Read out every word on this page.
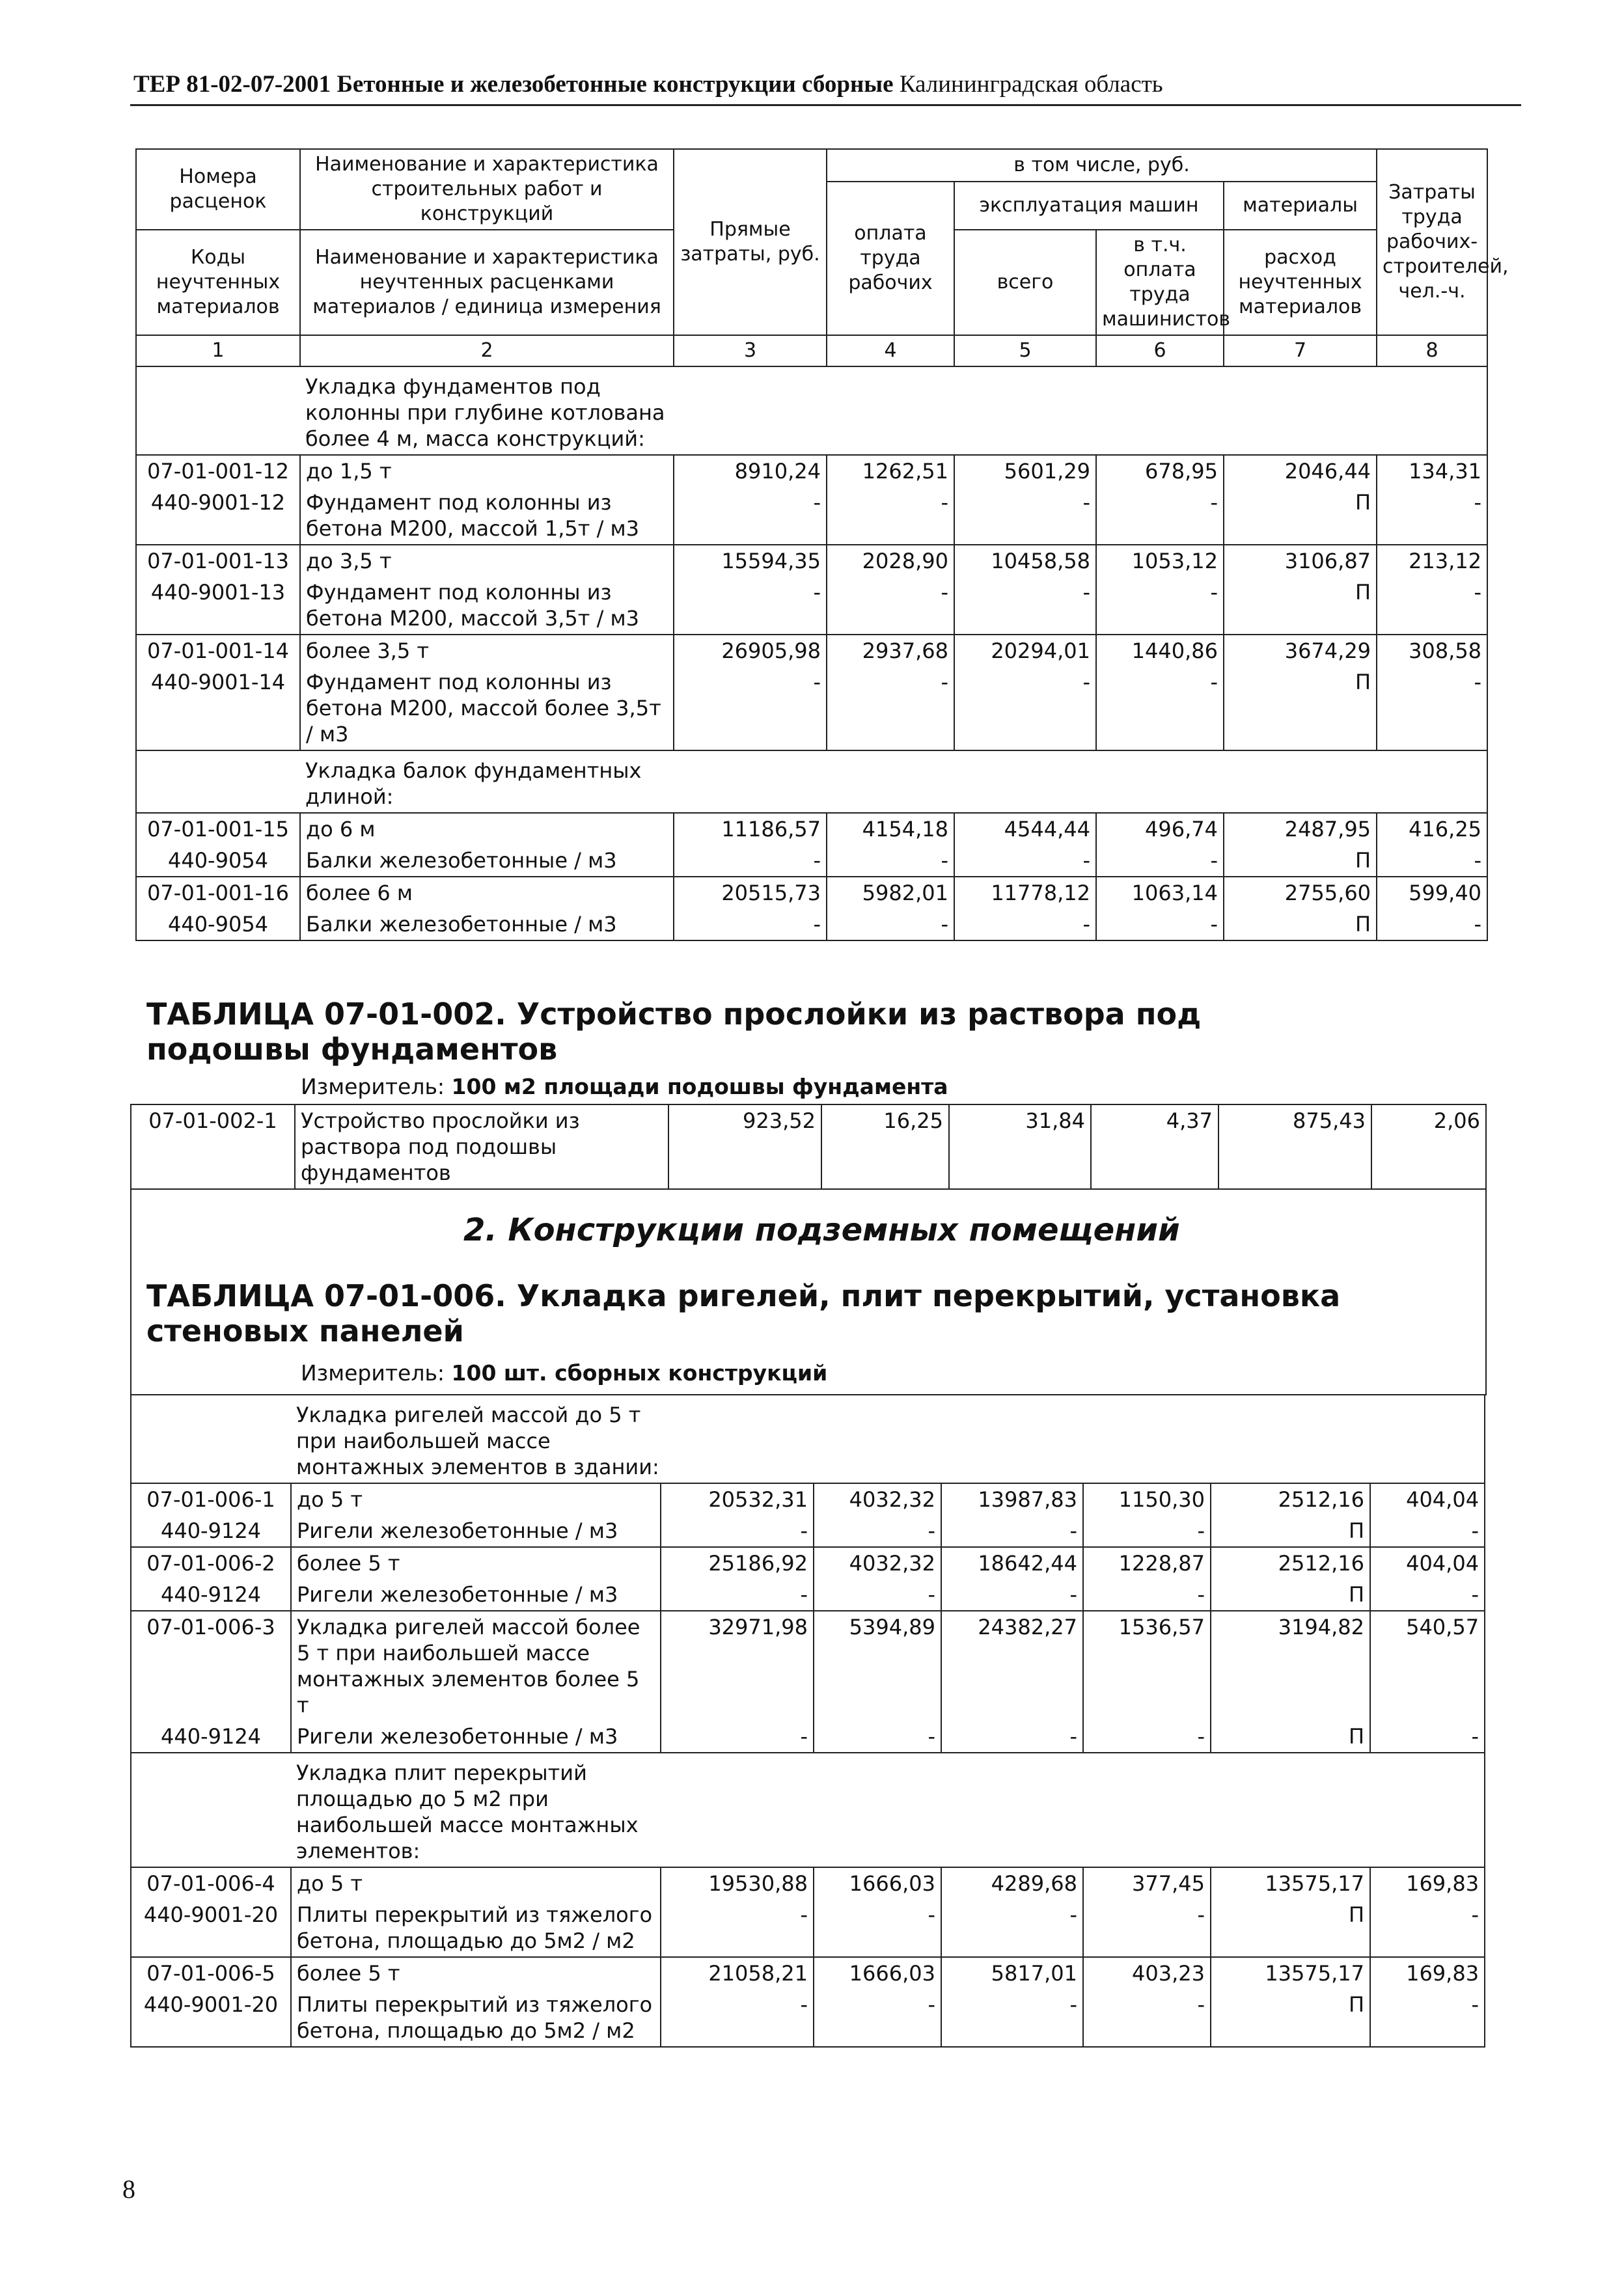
ТЕР 81-02-07-2001 Бетонные и железобетонные конструкции сборные Калининградская область
Номера расценок	Наименование и характеристика строительных работ и конструкций	Прямые затраты, руб.	в том числе, руб.				Затраты труда рабочих-строителей, чел.-ч.
			оплата труда рабочих	эксплуатация машин		материалы	
Коды неучтенных материалов	Наименование и характеристика неучтенных расценками материалов / единица измерения			всего	в т.ч. оплата труда машинистов	расход неучтенных материалов	

1	2	3	4	5	6	7	8

	Укладка фундаментов под колонны при глубине котлована более 4 м, масса конструкций:						

07-01-001-12	до 1,5 т	8910,24	1262,51	5601,29	678,95	2046,44	134,31
440-9001-12	Фундамент под колонны из бетона М200, массой 1,5т / м3	-	-	-	-	П	-
07-01-001-13	до 3,5 т	15594,35	2028,90	10458,58	1053,12	3106,87	213,12
440-9001-13	Фундамент под колонны из бетона М200, массой 3,5т / м3	-	-	-	-	П	-
07-01-001-14	более 3,5 т	26905,98	2937,68	20294,01	1440,86	3674,29	308,58
440-9001-14	Фундамент под колонны из бетона М200, массой более 3,5т / м3	-	-	-	-	П	-

	Укладка балок фундаментных длиной:						

07-01-001-15	до 6 м	11186,57	4154,18	4544,44	496,74	2487,95	416,25
440-9054	Балки железобетонные / м3	-	-	-	-	П	-
07-01-001-16	более 6 м	20515,73	5982,01	11778,12	1063,14	2755,60	599,40
440-9054	Балки железобетонные / м3	-	-	-	-	П	-
ТАБЛИЦА 07-01-002. Устройство прослойки из раствора под подошвы фундаментов
Измеритель: 100 м2 площади подошвы фундамента
07-01-002-1	Устройство прослойки из раствора под подошвы фундаментов	923,52	16,25	31,84	4,37	875,43	2,06
2. Конструкции подземных помещений
ТАБЛИЦА 07-01-006. Укладка ригелей, плит перекрытий, установка стеновых панелей
Измеритель: 100 шт. сборных конструкций

	Укладка ригелей массой до 5 т при наибольшей массе монтажных элементов в здании:						

07-01-006-1	до 5 т	20532,31	4032,32	13987,83	1150,30	2512,16	404,04
440-9124	Ригели железобетонные / м3	-	-	-	-	П	-
07-01-006-2	более 5 т	25186,92	4032,32	18642,44	1228,87	2512,16	404,04
440-9124	Ригели железобетонные / м3	-	-	-	-	П	-
07-01-006-3	Укладка ригелей массой более 5 т при наибольшей массе монтажных элементов более 5 т	32971,98	5394,89	24382,27	1536,57	3194,82	540,57
440-9124	Ригели железобетонные / м3	-	-	-	-	П	-

	Укладка плит перекрытий площадью до 5 м2 при наибольшей массе монтажных элементов:						

07-01-006-4	до 5 т	19530,88	1666,03	4289,68	377,45	13575,17	169,83
440-9001-20	Плиты перекрытий из тяжелого бетона, площадью до 5м2 / м2	-	-	-	-	П	-
07-01-006-5	более 5 т	21058,21	1666,03	5817,01	403,23	13575,17	169,83
440-9001-20	Плиты перекрытий из тяжелого бетона, площадью до 5м2 / м2	-	-	-	-	П	-
8
